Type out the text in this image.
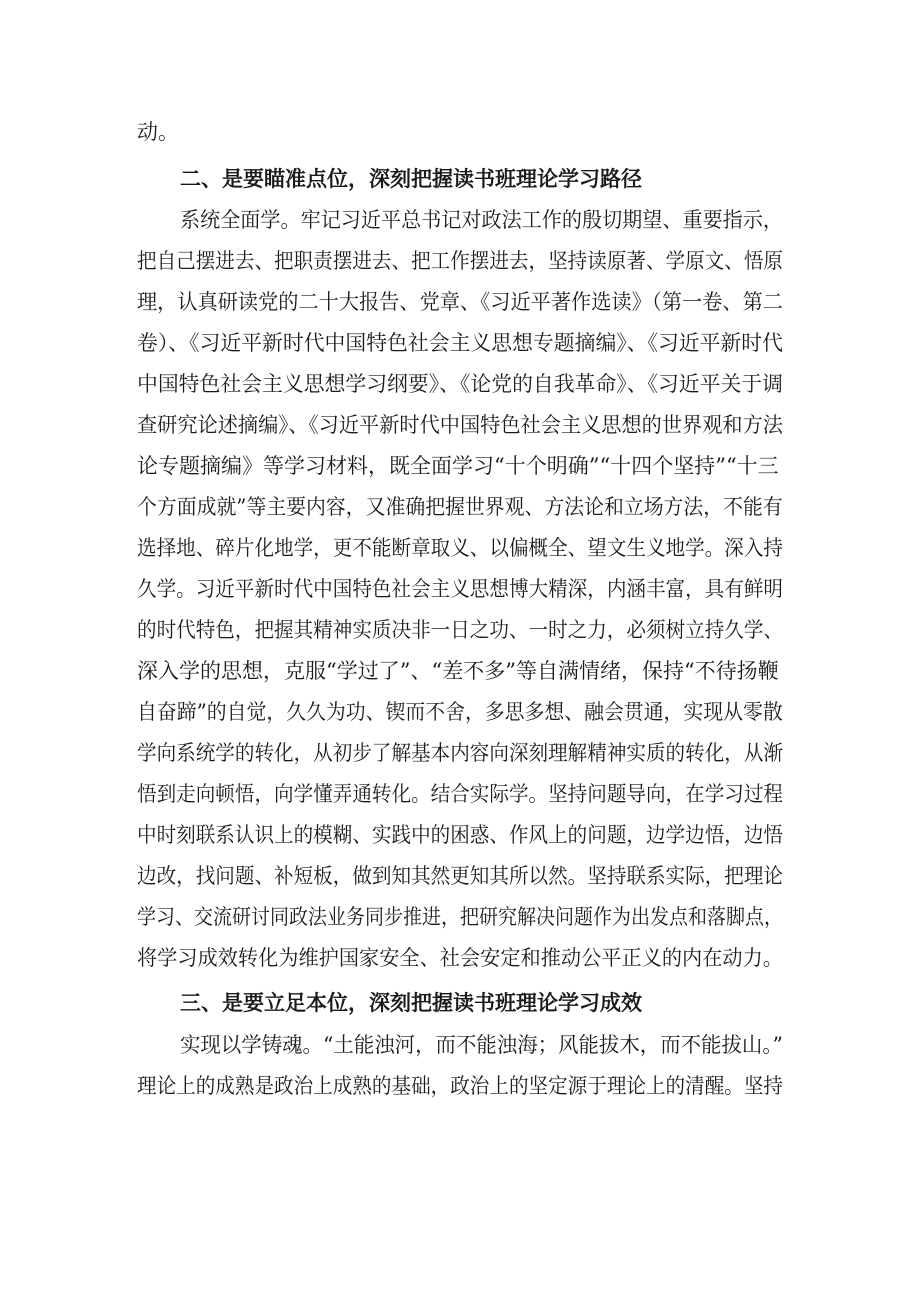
动。
二、是要瞄准点位，深刻把握读书班理论学习路径
系统全面学。牢记习近平总书记对政法工作的殷切期望、重要指示，
把自己摆进去、把职责摆进去、把工作摆进去，坚持读原著、学原文、悟原
理，认真研读党的二十大报告、党章、《习近平著作选读》（第一卷、第二
卷）、《习近平新时代中国特色社会主义思想专题摘编》、《习近平新时代
中国特色社会主义思想学习纲要》、《论党的自我革命》、《习近平关于调
查研究论述摘编》、《习近平新时代中国特色社会主义思想的世界观和方法
论专题摘编》等学习材料，既全面学习“十个明确”“十四个坚持”“十三
个方面成就”等主要内容，又准确把握世界观、方法论和立场方法，不能有
选择地、碎片化地学，更不能断章取义、以偏概全、望文生义地学。深入持
久学。习近平新时代中国特色社会主义思想博大精深，内涵丰富，具有鲜明
的时代特色，把握其精神实质决非一日之功、一时之力，必须树立持久学、
深入学的思想，克服“学过了”、“差不多”等自满情绪，保持“不待扬鞭
自奋蹄”的自觉，久久为功、锲而不舍，多思多想、融会贯通，实现从零散
学向系统学的转化，从初步了解基本内容向深刻理解精神实质的转化，从渐
悟到走向顿悟，向学懂弄通转化。结合实际学。坚持问题导向，在学习过程
中时刻联系认识上的模糊、实践中的困惑、作风上的问题，边学边悟，边悟
边改，找问题、补短板，做到知其然更知其所以然。坚持联系实际，把理论
学习、交流研讨同政法业务同步推进，把研究解决问题作为出发点和落脚点，
将学习成效转化为维护国家安全、社会安定和推动公平正义的内在动力。
三、是要立足本位，深刻把握读书班理论学习成效
实现以学铸魂。“土能浊河，而不能浊海；风能拔木，而不能拔山。”
理论上的成熟是政治上成熟的基础，政治上的坚定源于理论上的清醒。坚持
